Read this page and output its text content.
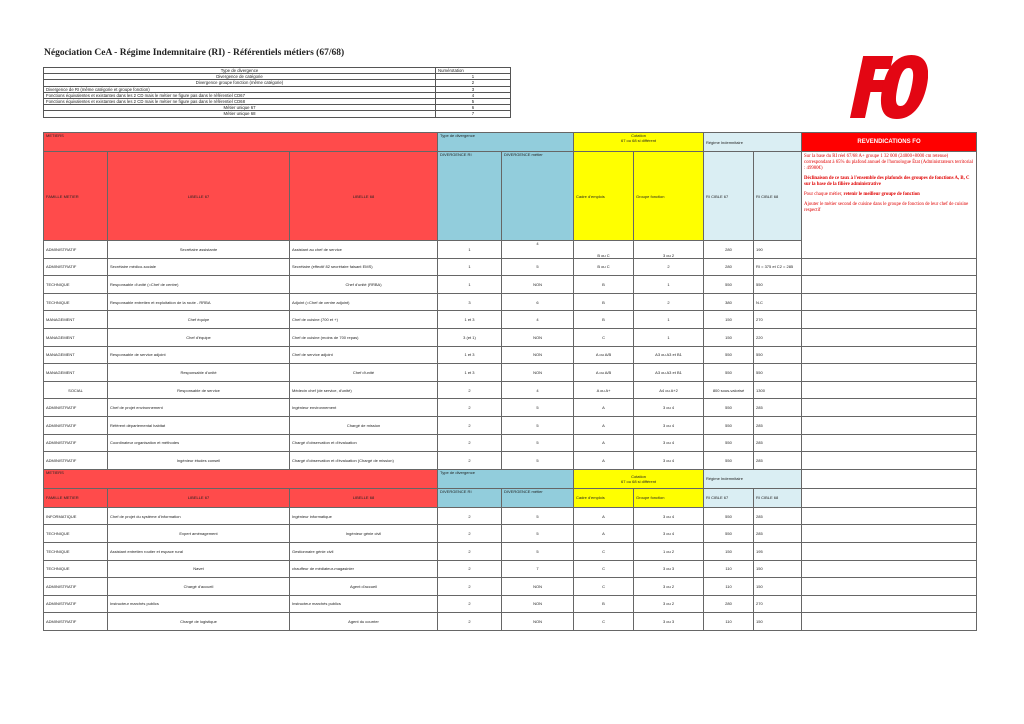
Négociation CeA - Régime Indemnitaire (RI) - Référentiels métiers (67/68)
Type de divergence	Numérotation
Divergence de catégorie	1
Divergence groupe fonction (même catégorie)	2
Divergence de RI (même catégorie et groupe fonction)	3
Fonctions équivalentes et existantes dans les 2 CD mais le métier ne figure pas dans le référentiel CD67	4
Fonctions équivalentes et existantes dans les 2 CD mais le métier ne figure pas dans le référentiel CD68	5
Métier unique 67	6
Métier unique 68	7
METIERS			Type de divergence		Cotation
67 ou 68 si différent		Régime Indemnitaire		REVENDICATIONS FO
FAMILLE METIER	LIBELLE 67	LIBELLE 68	DIVERGENCE RI	DIVERGENCE métier	Cadre d'emplois	Groupe fonction	RI CIBLE 67	RI CIBLE 68	Sur la base du RI réel 67/68 A+ groupe 1 32 000 (24000+8000 cm retenue) correspondant à 65% du plafond annuel de l'homologue État (Administrateurs territorial : 49980€)

Déclinaison de ce taux à l'ensemble des plafonds des groupes de fonctions A, B, C sur la base de la filière administrative

Pour chaque métier, retenir le meilleur groupe de fonction

Ajouter le métier second de cuisine dans le groupe de fonction de leur chef de cuisine respectif

ADMINISTRATIF	Secrétaire assistante	Assistant au chef de service	1	4	B ou C	3 ou 2	280	190	
ADMINISTRATIF	Secrétaire médico-sociale	Secrétaire (effectif 82 secrétaire faisant EMS)	1	5	B ou C	2	280	RI = 375 et C2 = 285	
TECHNIQUE	Responsable d'unité (=Chef de centre)	Chef d'unité (RRBA)	1	NON	B	1	550	550	
TECHNIQUE	Responsable entretien et exploitation de la route - RRBA	Adjoint (=Chef de centre adjoint)	3	6	B	2	380	N.C	
MANAGEMENT	Chef équipe	Chef de cuisine (700 et +)	1 et 3	4	B	1	150	270	
MANAGEMENT	Chef d'équipe	Chef de cuisine (moins de 700 repas)	3 (et 1)	NON	C	1	150	220	
MANAGEMENT	Responsable de service adjoint	Chef de service adjoint	1 et 3	NON	A ou A/B	A3 ou A3 et B1	550	550	
MANAGEMENT	Responsable d'unité	Chef d'unité	1 et 3	NON	A ou A/B	A3 ou A3 et B1	550	550	
SOCIAL	Responsable de service	Médecin chef (de service, d'unité)	2	4	A ou A+	A4 ou A+2	800 sous-valorisé	1300	
ADMINISTRATIF	Chef de projet environnement	Ingénieur environnement	2	5	A	3 ou 4	550	285	
ADMINISTRATIF	Référent départemental habitat	Chargé de mission	2	5	A	3 ou 4	550	285	
ADMINISTRATIF	Coordinateur organisation et méthodes	Chargé d'observation et d'évaluation	2	5	A	3 ou 4	550	285	
ADMINISTRATIF	Ingénieur études conseil	Chargé d'observation et d'évaluation (Chargé de mission)	2	5	A	3 ou 4	550	285	
METIERS			Type de divergence		Cotation
67 ou 68 si différent		Régime Indemnitaire		
FAMILLE METIER	LIBELLE 67	LIBELLE 68	DIVERGENCE RI	DIVERGENCE métier	Cadre d'emplois	Groupe fonction	RI CIBLE 67	RI CIBLE 68	
INFORMATIQUE	Chef de projet du système d'information	Ingénieur informatique	2	5	A	3 ou 4	550	285	
TECHNIQUE	Expert aménagement	Ingénieur génie civil	2	5	A	3 ou 4	550	285	
TECHNIQUE	Assistant entretien routier et espace rural	Gestionnaire génie civil	2	5	C	1 ou 2	150	195	
TECHNIQUE	Navet	chauffeur de médiateur-magasinier	2	7	C	3 ou 3	110	150	
ADMINISTRATIF	Chargé d'accueil	Agent d'accueil	2	NON	C	3 ou 2	110	150	
ADMINISTRATIF	Instructeur marchés publics	Instructeur marchés publics	2	NON	B	3 ou 2	280	270	
ADMINISTRATIF	Chargé de logistique	Agent du courrier	2	NON	C	3 ou 3	110	150	
